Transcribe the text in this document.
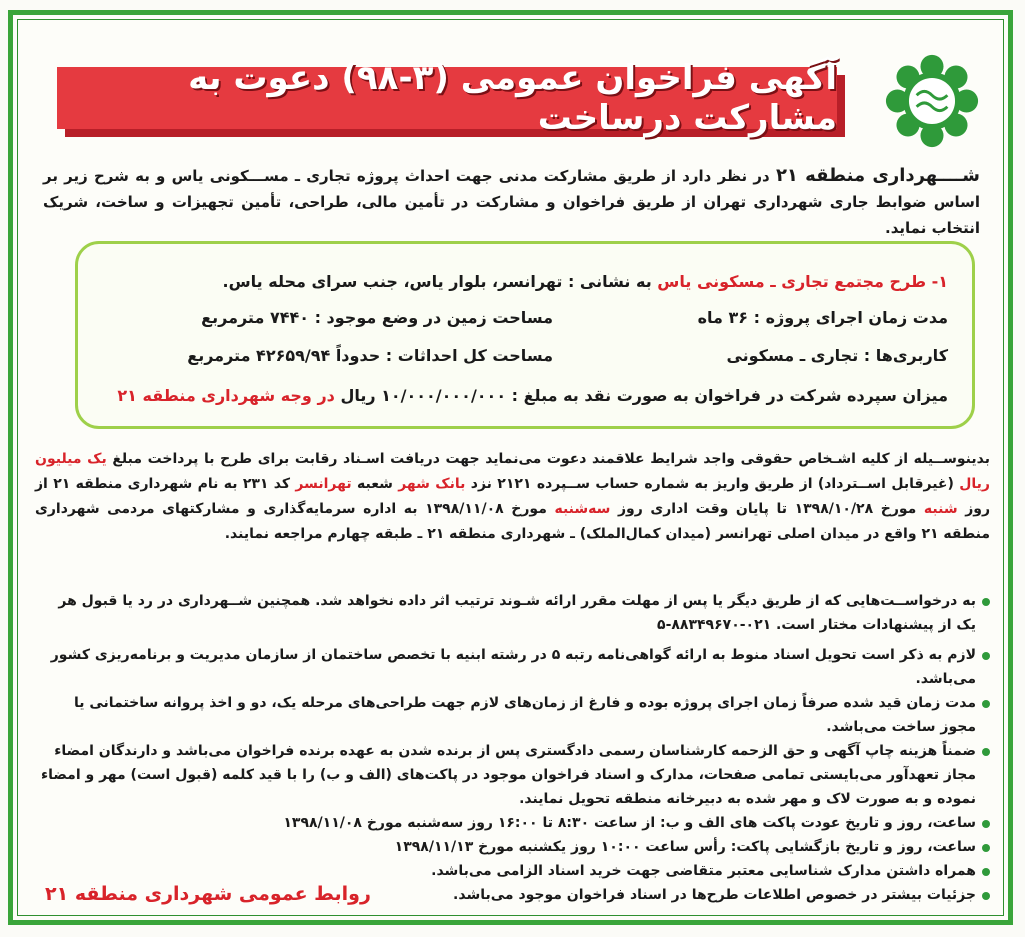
آگهی فراخوان عمومی (۳-۹۸) دعوت به مشارکت درساخت
شــــهرداری منطقه ۲۱ در نظر دارد از طریق مشارکت مدنی جهت احداث پروژه تجاری ـ مســـکونی یاس و به شرح زیر بر اساس ضوابط جاری شهرداری تهران از طریق فراخوان و مشارکت در تأمین مالی، طراحی، تأمین تجهیزات و ساخت، شریک انتخاب نماید.
۱- طرح مجتمع تجاری ـ مسکونی یاس به نشانی : تهرانسر، بلوار یاس، جنب سرای محله یاس.
مدت زمان اجرای پروژه : ۳۶ ماه
مساحت زمین در وضع موجود : ۷۴۴۰ مترمربع
کاربری‌ها : تجاری ـ مسکونی
مساحت کل احداثات : حدوداً ۴۲۶۵۹/۹۴ مترمربع
میزان سپرده شرکت در فراخوان به صورت نقد به مبلغ : ۱۰/۰۰۰/۰۰۰/۰۰۰ ریال در وجه شهرداری منطقه ۲۱
بدینوســیله از کلیه اشـخاص حقوقی واجد شرایط علاقمند دعوت می‌نماید جهت دریافت اسـناد رقابت برای طرح با پرداخت مبلغ یک میلیون ریال (غیرقابل اســترداد) از طریق واریز به شماره حساب ســپرده ۲۱۲۱ نزد بانک شهر شعبه تهرانسر کد ۲۳۱ به نام شهرداری منطقه ۲۱ از روز شنبه مورخ ۱۳۹۸/۱۰/۲۸ تا پایان وقت اداری روز سه‌شنبه مورخ ۱۳۹۸/۱۱/۰۸ به اداره سرمایه‌گذاری و مشارکتهای مردمی شهرداری منطقه ۲۱ واقع در میدان اصلی تهرانسر (میدان کمال‌الملک) ـ شهرداری منطقه ۲۱ ـ طبقه چهارم مراجعه نمایند.
به درخواســت‌هایی که از طریق دیگر یا پس از مهلت مقرر ارائه شـوند ترتیب اثر داده نخواهد شد. همچنین شــهرداری در رد یا قبول هر یک از پیشنهادات مختار است. ۰۲۱-۸۸۳۴۹۶۷۰-۵
لازم به ذکر است تحویل اسناد منوط به ارائه گواهی‌نامه رتبه ۵ در رشته ابنیه با تخصص ساختمان از سازمان مدیریت و برنامه‌ریزی کشور می‌باشد.
مدت زمان قید شده صرفاً زمان اجرای پروژه بوده و فارغ از زمان‌های لازم جهت طراحی‌های مرحله یک، دو و اخذ پروانه ساختمانی یا مجوز ساخت می‌باشد.
ضمناً هزینه چاپ آگهی و حق الزحمه کارشناسان رسمی دادگستری پس از برنده شدن به عهده برنده فراخوان می‌باشد و دارندگان امضاء مجاز تعهدآور می‌بایستی تمامی صفحات، مدارک و اسناد فراخوان موجود در پاکت‌های (الف و ب) را با قید کلمه (قبول است) مهر و امضاء نموده و به صورت لاک و مهر شده به دبیرخانه منطقه تحویل نمایند.
ساعت، روز و تاریخ عودت پاکت های الف و ب: از ساعت ۸:۳۰ تا ۱۶:۰۰ روز سه‌شنبه مورخ ۱۳۹۸/۱۱/۰۸
ساعت، روز و تاریخ بازگشایی پاکت: رأس ساعت ۱۰:۰۰ روز یکشنبه مورخ ۱۳۹۸/۱۱/۱۳
همراه داشتن مدارک شناسایی معتبر متقاضی جهت خرید اسناد الزامی می‌باشد.
جزئیات بیشتر در خصوص اطلاعات طرح‌ها در اسناد فراخوان موجود می‌باشد.
روابط عمومی شهرداری منطقه ۲۱
